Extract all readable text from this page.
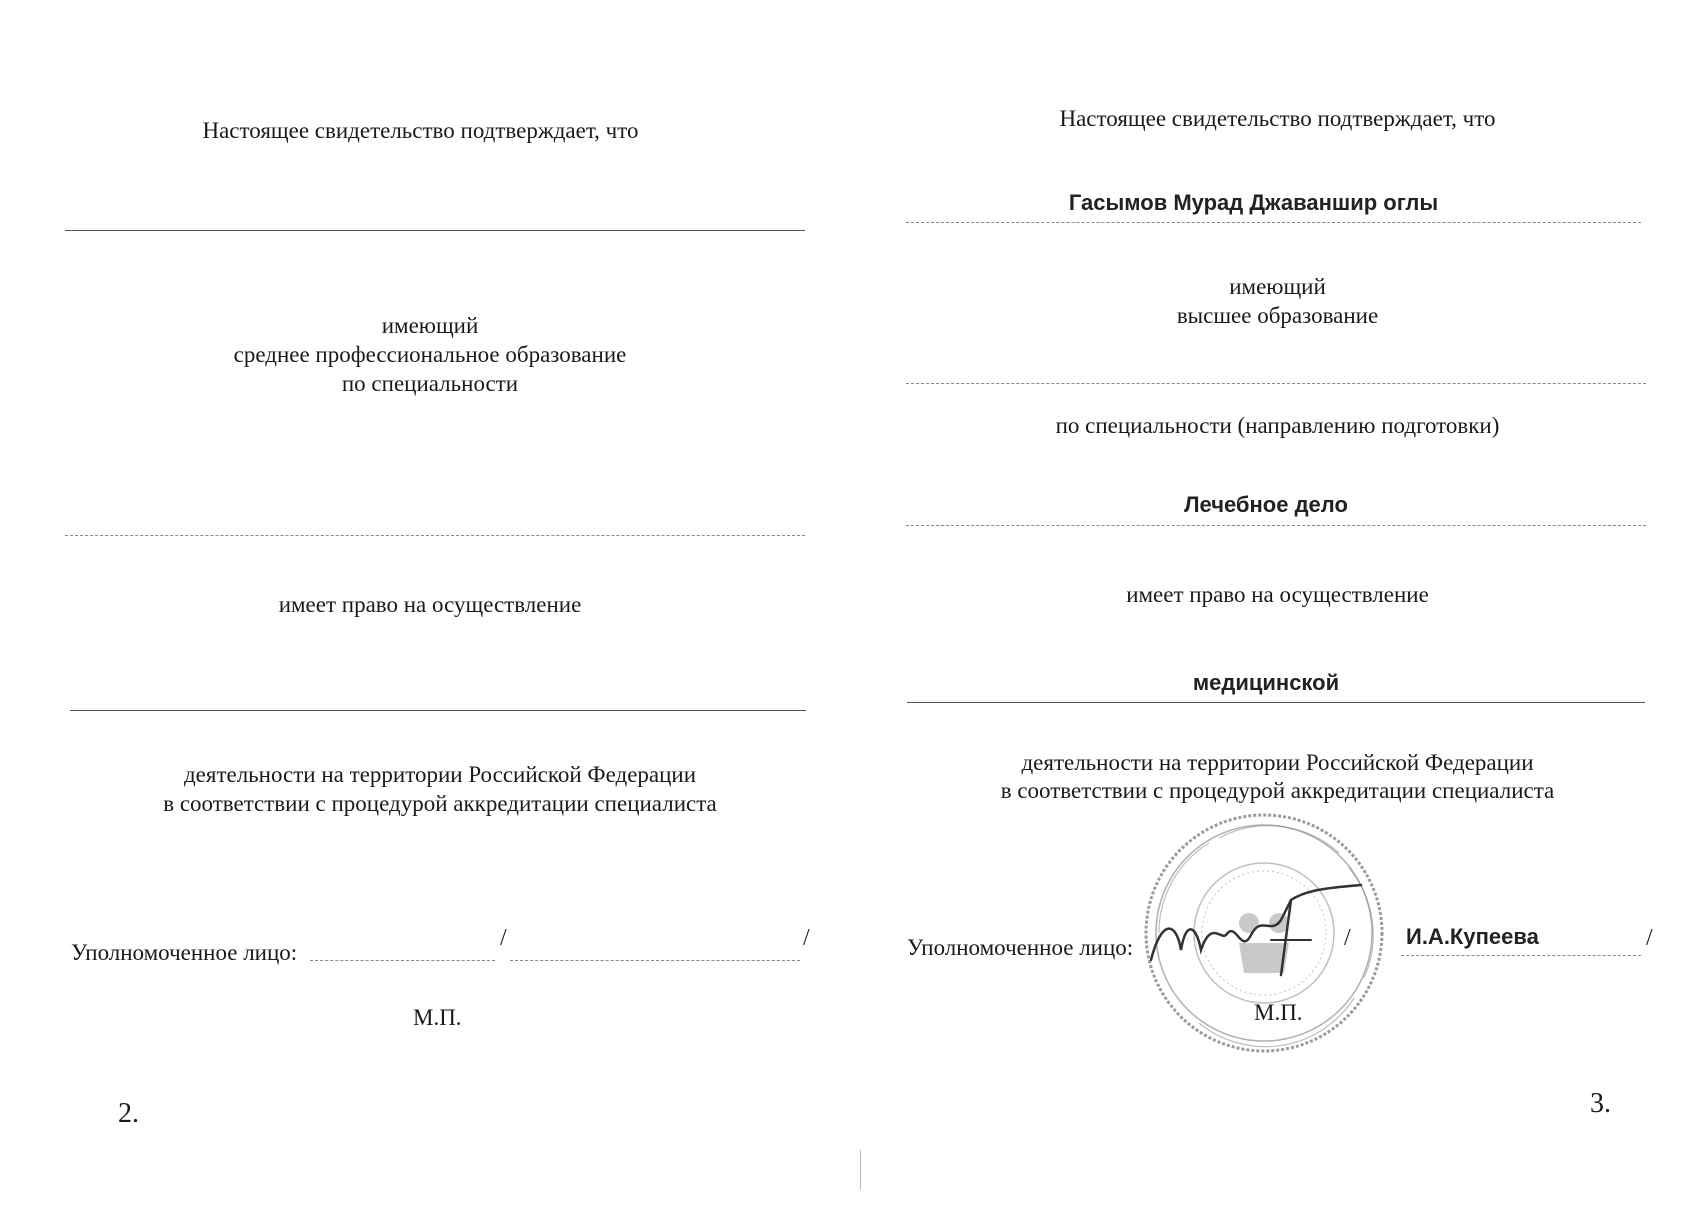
Настоящее свидетельство подтверждает, что
имеющий
среднее профессиональное образование
по специальности
имеет право на осуществление
деятельности на территории Российской Федерации
в соответствии с процедурой аккредитации специалиста
Уполномоченное лицо:
/	/
М.П.
2.
Настоящее свидетельство подтверждает, что
Гасымов Мурад Джаваншир оглы
имеющий
высшее образование
по специальности (направлению подготовки)
Лечебное дело
имеет право на осуществление
медицинской
деятельности на территории Российской Федерации
в соответствии с процедурой аккредитации специалиста
Уполномоченное лицо:	/	И.А.Купеева	/
М.П.
3.
